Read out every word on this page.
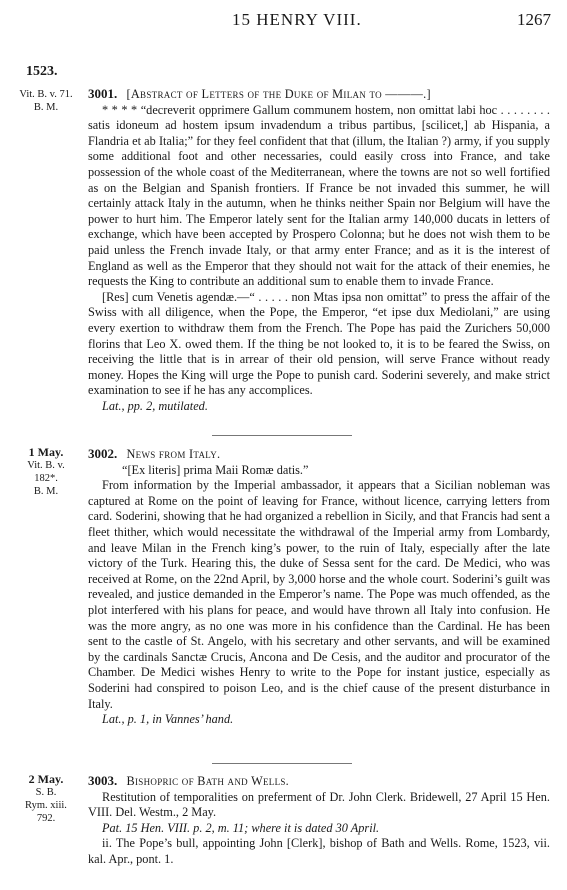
15 HENRY VIII.	1267
1523.
Vit. B. v. 71.
B. M.
3001. [Abstract of Letters of the Duke of Milan to ———.]

* * * * “decreverit opprimere Gallum communem hostem, non omittat labi hoc . . . . . . . . satis idoneum ad hostem ipsum invadendum a tribus partibus, [scilicet,] ab Hispania, a Flandria et ab Italia;” for they feel confident that that (illum, the Italian ?) army, if you supply some additional foot and other necessaries, could easily cross into France, and take possession of the whole coast of the Mediterranean, where the towns are not so well fortified as on the Belgian and Spanish frontiers. If France be not invaded this summer, he will certainly attack Italy in the autumn, when he thinks neither Spain nor Belgium will have the power to hurt him. The Emperor lately sent for the Italian army 140,000 ducats in letters of exchange, which have been accepted by Prospero Colonna; but he does not wish them to be paid unless the French invade Italy, or that army enter France; and as it is the interest of England as well as the Emperor that they should not wait for the attack of their enemies, he requests the King to contribute an additional sum to enable them to invade France.

[Res] cum Venetis agendæ.—“ . . . . . non Mtas ipsa non omittat” to press the affair of the Swiss with all diligence, when the Pope, the Emperor, “et ipse dux Mediolani,” are using every exertion to withdraw them from the French. The Pope has paid the Zurichers 50,000 florins that Leo X. owed them. If the thing be not looked to, it is to be feared the Swiss, on receiving the little that is in arrear of their old pension, will serve France without ready money. Hopes the King will urge the Pope to punish card. Soderini severely, and make strict examination to see if he has any accomplices.

Lat., pp. 2, mutilated.

1 May.
Vit. B. v.
182*.
B. M.
3002. News from Italy.

“[Ex literis] prima Maii Romæ datis.”

From information by the Imperial ambassador, it appears that a Sicilian nobleman was captured at Rome on the point of leaving for France, without licence, carrying letters from card. Soderini, showing that he had organized a rebellion in Sicily, and that Francis had sent a fleet thither, which would necessitate the withdrawal of the Imperial army from Lombardy, and leave Milan in the French king’s power, to the ruin of Italy, especially after the late victory of the Turk. Hearing this, the duke of Sessa sent for the card. De Medici, who was received at Rome, on the 22nd April, by 3,000 horse and the whole court. Soderini’s guilt was revealed, and justice demanded in the Emperor’s name. The Pope was much offended, as the plot interfered with his plans for peace, and would have thrown all Italy into confusion. He was the more angry, as no one was more in his confidence than the Cardinal. He has been sent to the castle of St. Angelo, with his secretary and other servants, and will be examined by the cardinals Sanctæ Crucis, Ancona and De Cesis, and the auditor and procurator of the Chamber. De Medici wishes Henry to write to the Pope for instant justice, especially as Soderini had conspired to poison Leo, and is the chief cause of the present disturbance in Italy.

Lat., p. 1, in Vannes’ hand.

2 May.
S. B.
Rym. xiii.
792.
3003. Bishopric of Bath and Wells.

Restitution of temporalities on preferment of Dr. John Clerk. Bridewell, 27 April 15 Hen. VIII. Del. Westm., 2 May.

Pat. 15 Hen. VIII. p. 2, m. 11; where it is dated 30 April.

ii. The Pope’s bull, appointing John [Clerk], bishop of Bath and Wells. Rome, 1523, vii. kal. Apr., pont. 1.
